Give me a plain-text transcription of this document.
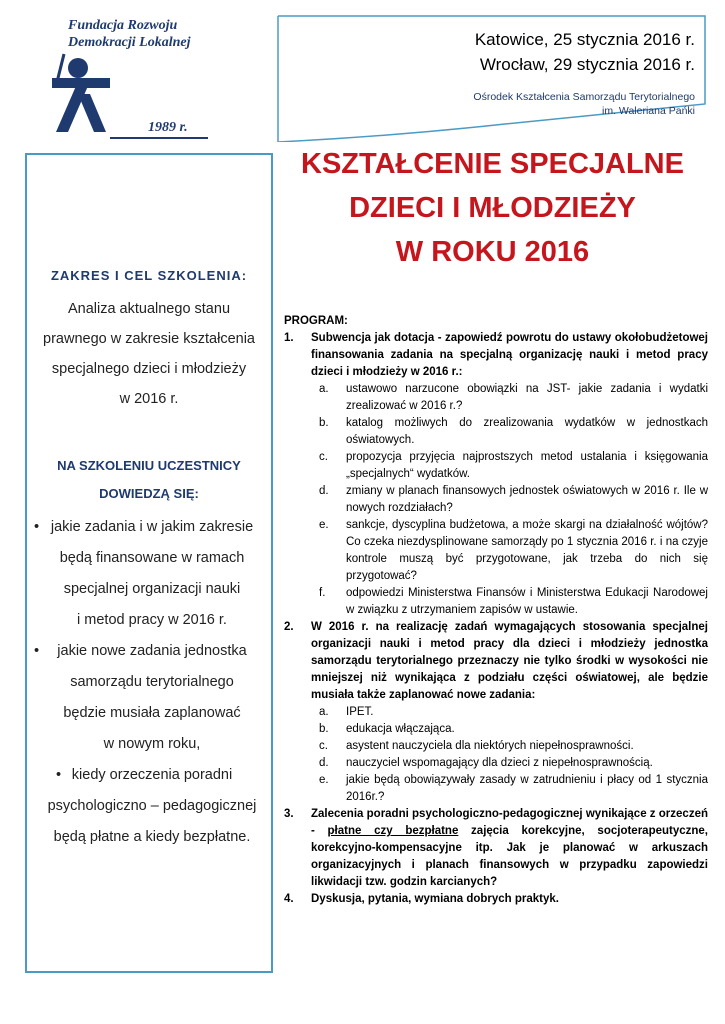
Fundacja Rozwoju
Demokracji Lokalnej
1989 r.
Katowice, 25 stycznia 2016 r.
Wrocław, 29 stycznia 2016 r.
Ośrodek Kształcenia Samorządu Terytorialnego
im. Waleriana Pańki
KSZTAŁCENIE SPECJALNE
DZIECI I MŁODZIEŻY
W ROKU 2016
ZAKRES I CEL SZKOLENIA:
Analiza aktualnego stanu
prawnego w zakresie kształcenia
specjalnego dzieci i młodzieży
w 2016 r.
NA SZKOLENIU UCZESTNICY
DOWIEDZĄ SIĘ:
• jakie zadania i w jakim zakresie
będą finansowane w ramach
specjalnej organizacji nauki
i metod pracy w 2016 r.
•	jakie nowe zadania jednostka
samorządu terytorialnego
będzie musiała zaplanować
w nowym roku,
• kiedy orzeczenia poradni
psychologiczno – pedagogicznej
będą płatne a kiedy bezpłatne.
PROGRAM:
1. Subwencja jak dotacja - zapowiedź powrotu do ustawy okołobudżetowej finansowania zadania na specjalną organizację nauki i metod pracy dzieci i młodzieży w 2016 r.:
a. ustawowo narzucone obowiązki na JST- jakie zadania i wydatki zrealizować w 2016 r.?
b. katalog możliwych do zrealizowania wydatków w jednostkach oświatowych.
c. propozycja przyjęcia najprostszych metod ustalania i księgowania „specjalnych“ wydatków.
d. zmiany w planach finansowych jednostek oświatowych w 2016 r. Ile w nowych rozdziałach?
e. sankcje, dyscyplina budżetowa, a może skargi na działalność wójtów? Co czeka niezdysplinowane samorządy po 1 stycznia 2016 r. i na czyje kontrole muszą być przygotowane, jak trzeba do nich się przygotować?
f. odpowiedzi Ministerstwa Finansów i Ministerstwa Edukacji Narodowej w związku z utrzymaniem zapisów w ustawie.
2. W 2016 r. na realizację zadań wymagających stosowania specjalnej organizacji nauki i metod pracy dla dzieci i młodzieży jednostka samorządu terytorialnego przeznaczy nie tylko środki w wysokości nie mniejszej niż wynikająca z podziału części oświatowej, ale będzie musiała także zaplanować nowe zadania:
a. IPET.
b. edukacja włączająca.
c. asystent nauczyciela dla niektórych niepełnosprawności.
d. nauczyciel wspomagający dla dzieci z niepełnosprawnością.
e. jakie będą obowiązywały zasady w zatrudnieniu i płacy od 1 stycznia 2016r.?
3. Zalecenia poradni psychologiczno-pedagogicznej wynikające z orzeczeń - płatne czy bezpłatne zajęcia korekcyjne, socjoterapeutyczne, korekcyjno-kompensacyjne itp. Jak je planować w arkuszach organizacyjnych i planach finansowych w przypadku zapowiedzi likwidacji tzw. godzin karcianych?
4. Dyskusja, pytania, wymiana dobrych praktyk.
